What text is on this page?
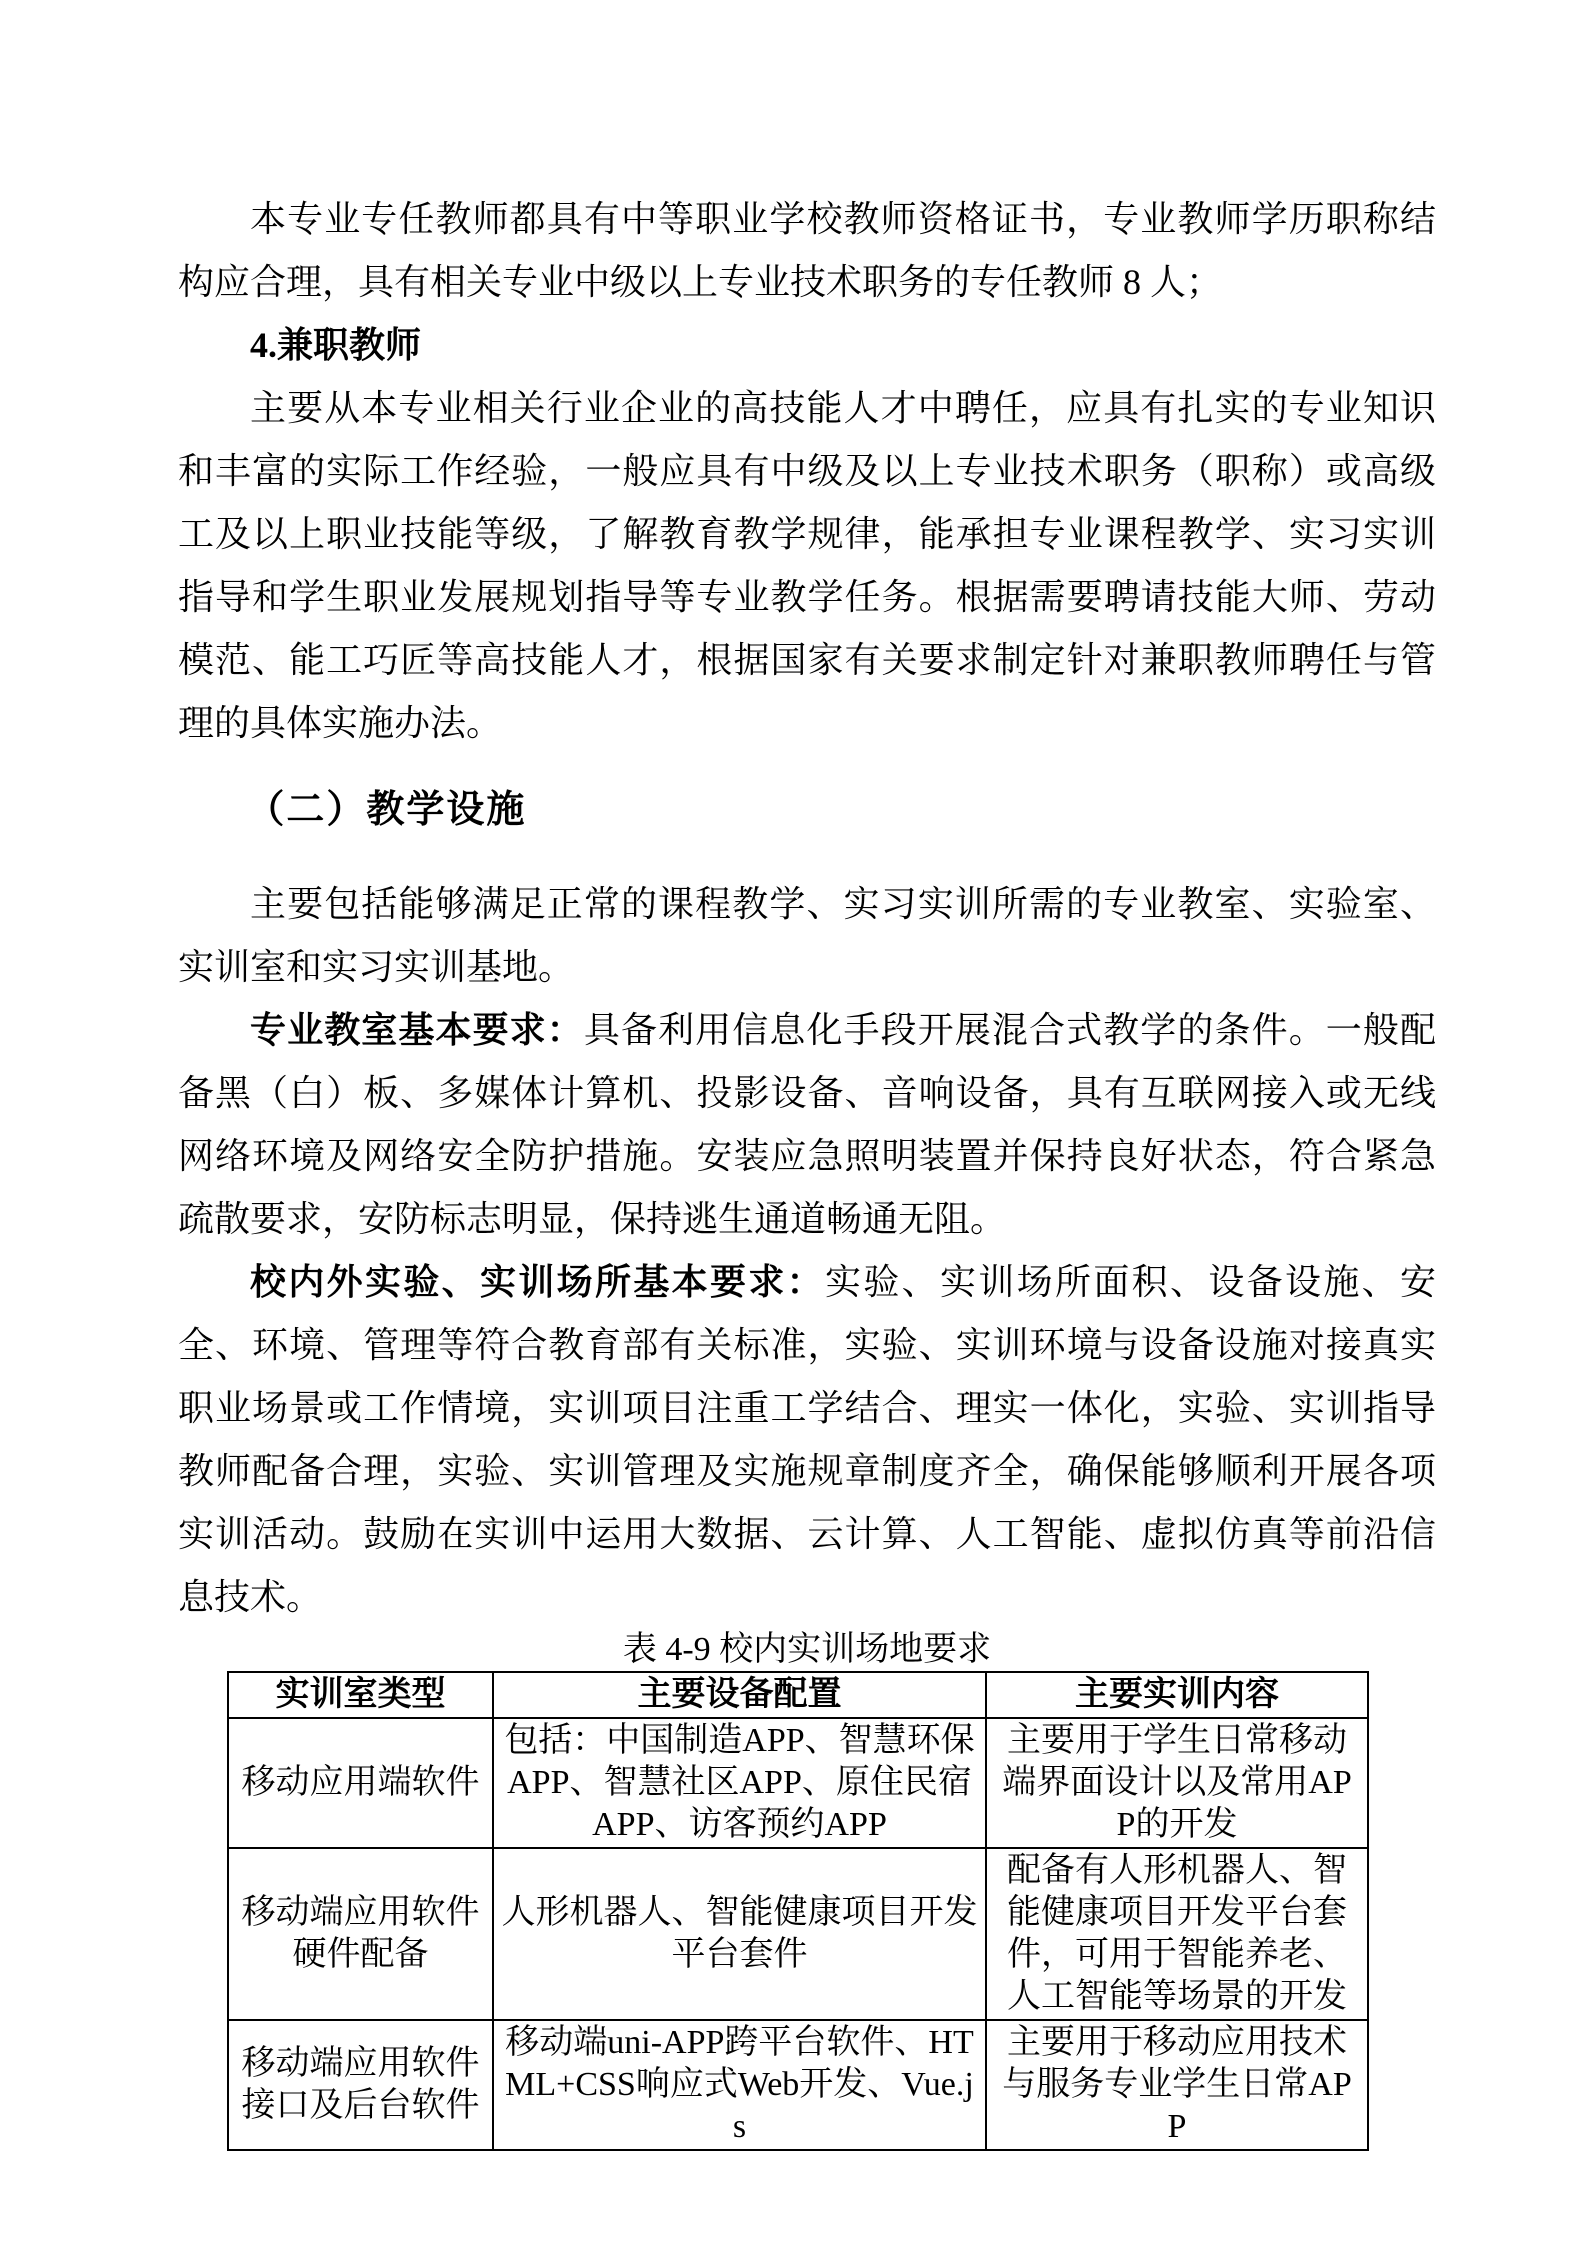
本专业专任教师都具有中等职业学校教师资格证书，专业教师学历职称结构应合理，具有相关专业中级以上专业技术职务的专任教师 8 人；

4.兼职教师

主要从本专业相关行业企业的高技能人才中聘任，应具有扎实的专业知识和丰富的实际工作经验，一般应具有中级及以上专业技术职务（职称）或高级工及以上职业技能等级，了解教育教学规律，能承担专业课程教学、实习实训指导和学生职业发展规划指导等专业教学任务。根据需要聘请技能大师、劳动模范、能工巧匠等高技能人才，根据国家有关要求制定针对兼职教师聘任与管理的具体实施办法。

（二）教学设施

主要包括能够满足正常的课程教学、实习实训所需的专业教室、实验室、实训室和实习实训基地。

专业教室基本要求：具备利用信息化手段开展混合式教学的条件。一般配备黑（白）板、多媒体计算机、投影设备、音响设备，具有互联网接入或无线网络环境及网络安全防护措施。安装应急照明装置并保持良好状态，符合紧急疏散要求，安防标志明显，保持逃生通道畅通无阻。

校内外实验、实训场所基本要求：实验、实训场所面积、设备设施、安全、环境、管理等符合教育部有关标准，实验、实训环境与设备设施对接真实职业场景或工作情境，实训项目注重工学结合、理实一体化，实验、实训指导教师配备合理，实验、实训管理及实施规章制度齐全，确保能够顺利开展各项实训活动。鼓励在实训中运用大数据、云计算、人工智能、虚拟仿真等前沿信息技术。

表 4-9 校内实训场地要求

实训室类型	主要设备配置	主要实训内容
移动应用端软件	包括：中国制造APP、智慧环保APP、智慧社区APP、原住民宿APP、访客预约APP	主要用于学生日常移动端界面设计以及常用APP的开发
移动端应用软件硬件配备	人形机器人、智能健康项目开发平台套件	配备有人形机器人、智能健康项目开发平台套件，可用于智能养老、人工智能等场景的开发
移动端应用软件接口及后台软件	移动端uni-APP跨平台软件、HTML+CSS响应式Web开发、Vue.js	主要用于移动应用技术与服务专业学生日常APP
